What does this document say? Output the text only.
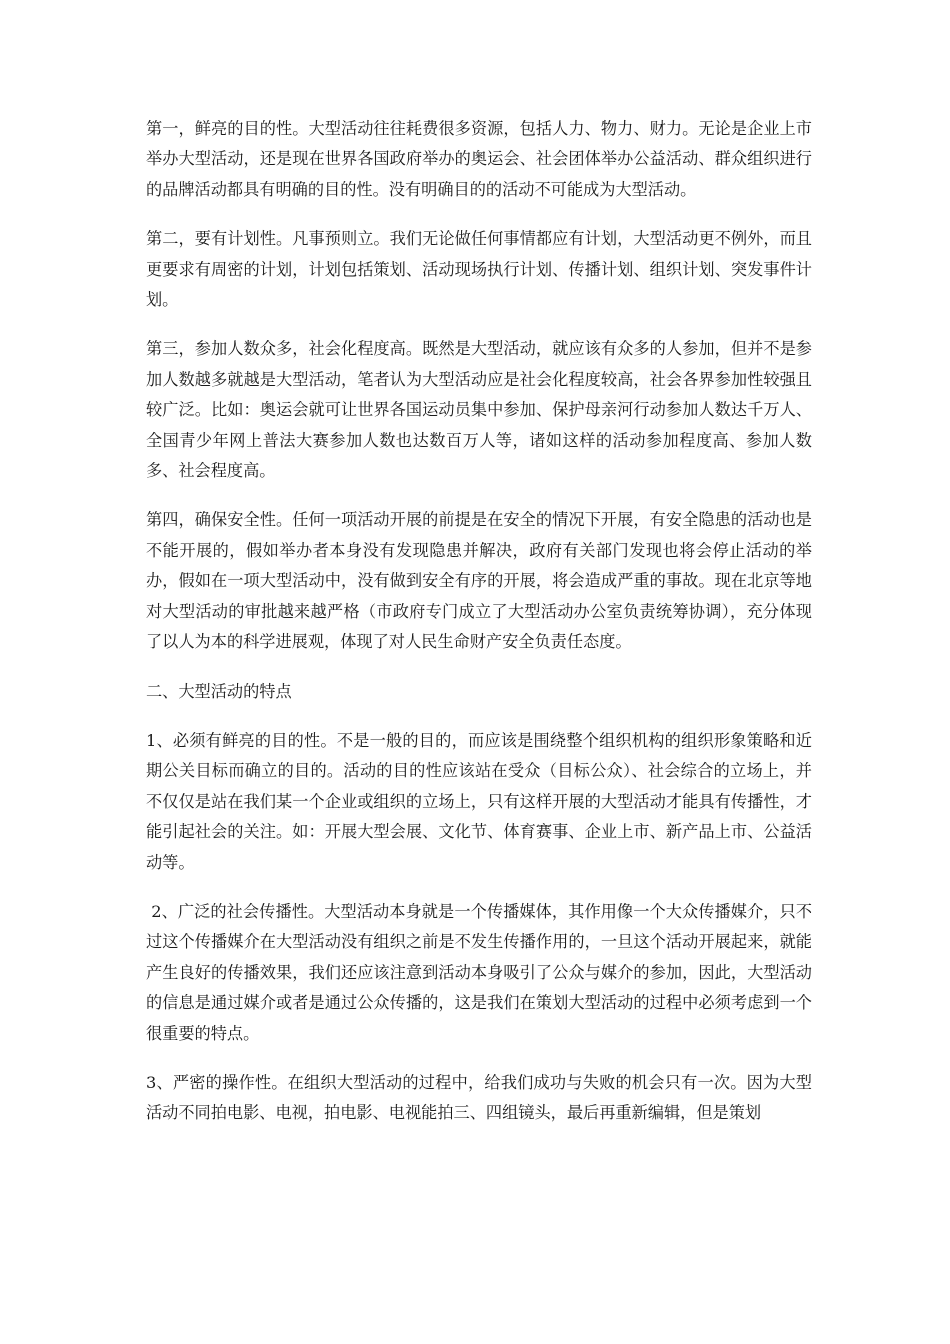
第一，鲜亮的目的性。大型活动往往耗费很多资源，包括人力、物力、财力。无论是企业上市举办大型活动，还是现在世界各国政府举办的奥运会、社会团体举办公益活动、群众组织进行的品牌活动都具有明确的目的性。没有明确目的的活动不可能成为大型活动。

第二，要有计划性。凡事预则立。我们无论做任何事情都应有计划，大型活动更不例外，而且更要求有周密的计划，计划包括策划、活动现场执行计划、传播计划、组织计划、突发事件计划。

第三，参加人数众多，社会化程度高。既然是大型活动，就应该有众多的人参加，但并不是参加人数越多就越是大型活动，笔者认为大型活动应是社会化程度较高，社会各界参加性较强且较广泛。比如：奥运会就可让世界各国运动员集中参加、保护母亲河行动参加人数达千万人、全国青少年网上普法大赛参加人数也达数百万人等，诸如这样的活动参加程度高、参加人数多、社会程度高。

第四，确保安全性。任何一项活动开展的前提是在安全的情况下开展，有安全隐患的活动也是不能开展的，假如举办者本身没有发现隐患并解决，政府有关部门发现也将会停止活动的举办，假如在一项大型活动中，没有做到安全有序的开展，将会造成严重的事故。现在北京等地对大型活动的审批越来越严格（市政府专门成立了大型活动办公室负责统筹协调），充分体现了以人为本的科学进展观，体现了对人民生命财产安全负责任态度。

二、大型活动的特点

1、必须有鲜亮的目的性。不是一般的目的，而应该是围绕整个组织机构的组织形象策略和近期公关目标而确立的目的。活动的目的性应该站在受众（目标公众）、社会综合的立场上，并不仅仅是站在我们某一个企业或组织的立场上，只有这样开展的大型活动才能具有传播性，才能引起社会的关注。如：开展大型会展、文化节、体育赛事、企业上市、新产品上市、公益活动等。

2、广泛的社会传播性。大型活动本身就是一个传播媒体，其作用像一个大众传播媒介，只不过这个传播媒介在大型活动没有组织之前是不发生传播作用的，一旦这个活动开展起来，就能产生良好的传播效果，我们还应该注意到活动本身吸引了公众与媒介的参加，因此，大型活动的信息是通过媒介或者是通过公众传播的，这是我们在策划大型活动的过程中必须考虑到一个很重要的特点。

3、严密的操作性。在组织大型活动的过程中，给我们成功与失败的机会只有一次。因为大型活动不同拍电影、电视，拍电影、电视能拍三、四组镜头，最后再重新编辑，但是策划
